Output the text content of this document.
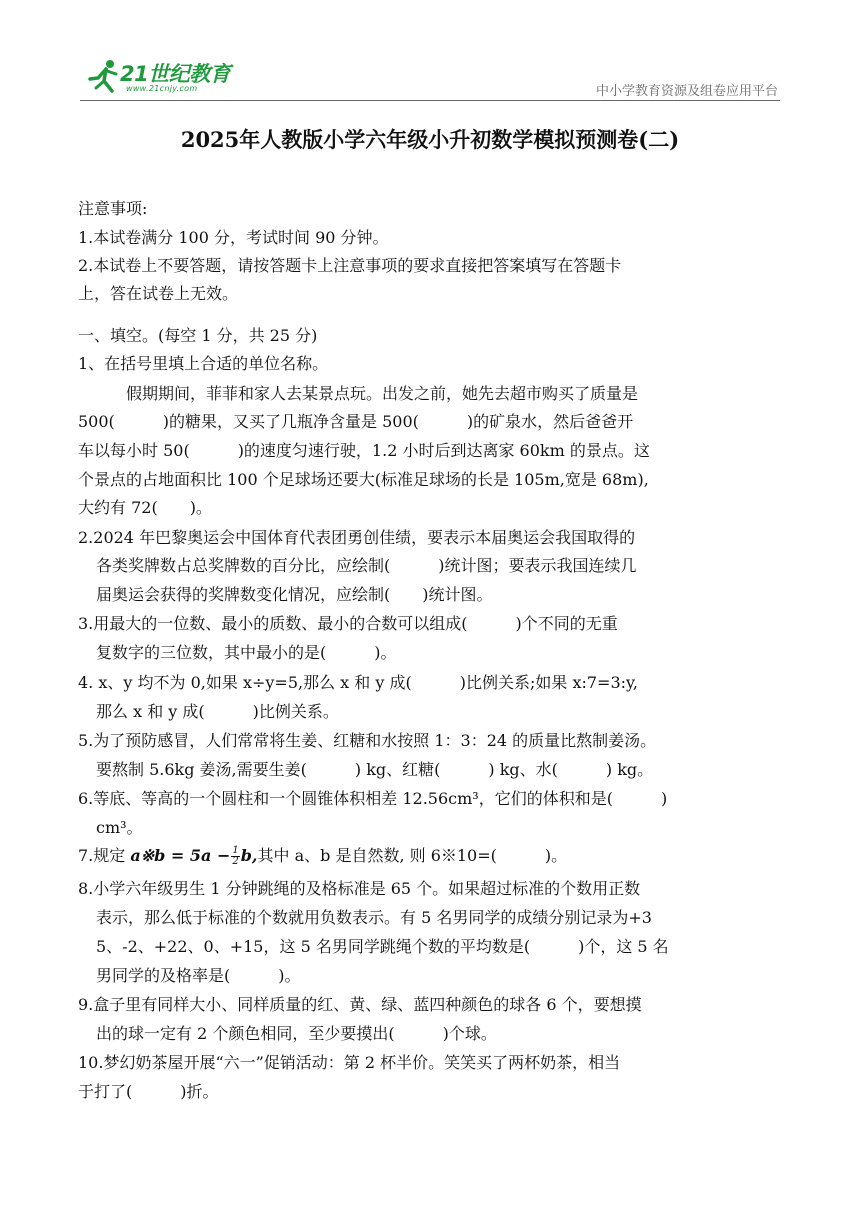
21世纪教育
www.21cnjy.com	中小学教育资源及组卷应用平台
2025年人教版小学六年级小升初数学模拟预测卷(二)
注意事项:
1.本试卷满分 100 分，考试时间 90 分钟。
2.本试卷上不要答题，请按答题卡上注意事项的要求直接把答案填写在答题卡
上，答在试卷上无效。
一、填空。(每空 1 分，共 25 分)
1、在括号里填上合适的单位名称。
假期期间，菲菲和家人去某景点玩。出发之前，她先去超市购买了质量是
500(　　　)的糖果，又买了几瓶净含量是 500(　　　)的矿泉水，然后爸爸开
车以每小时 50(　　　)的速度匀速行驶，1.2 小时后到达离家 60km 的景点。这
个景点的占地面积比 100 个足球场还要大(标准足球场的长是 105m,宽是 68m),
大约有 72(　　)。
2.2024 年巴黎奥运会中国体育代表团勇创佳绩，要表示本届奥运会我国取得的
各类奖牌数占总奖牌数的百分比，应绘制(　　　)统计图；要表示我国连续几
届奥运会获得的奖牌数变化情况，应绘制(　　)统计图。
3.用最大的一位数、最小的质数、最小的合数可以组成(　　　)个不同的无重
复数字的三位数，其中最小的是(　　　)。
4. x、y 均不为 0,如果 x÷y=5,那么 x 和 y 成(　　　)比例关系;如果 x:7=3:y,
那么 x 和 y 成(　　　)比例关系。
5.为了预防感冒，人们常常将生姜、红糖和水按照 1：3：24 的质量比熬制姜汤。
要熬制 5.6kg 姜汤,需要生姜(　　　) kg、红糖(　　　) kg、水(　　　) kg。
6.等底、等高的一个圆柱和一个圆锥体积相差 12.56cm³，它们的体积和是(　　　)
cm³。
7.规定 a※b = $5a - \frac{1}{2} b$,其中 a、b 是自然数, 则 6※10=(　　　)。
8.小学六年级男生 1 分钟跳绳的及格标准是 65 个。如果超过标准的个数用正数
表示，那么低于标准的个数就用负数表示。有 5 名男同学的成绩分别记录为+3
5、-2、+22、0、+15，这 5 名男同学跳绳个数的平均数是(　　　)个，这 5 名
男同学的及格率是(　　　)。
9.盒子里有同样大小、同样质量的红、黄、绿、蓝四种颜色的球各 6 个，要想摸
出的球一定有 2 个颜色相同，至少要摸出(　　　)个球。
10.梦幻奶茶屋开展“六一”促销活动：第 2 杯半价。笑笑买了两杯奶茶，相当
于打了(　　　)折。
